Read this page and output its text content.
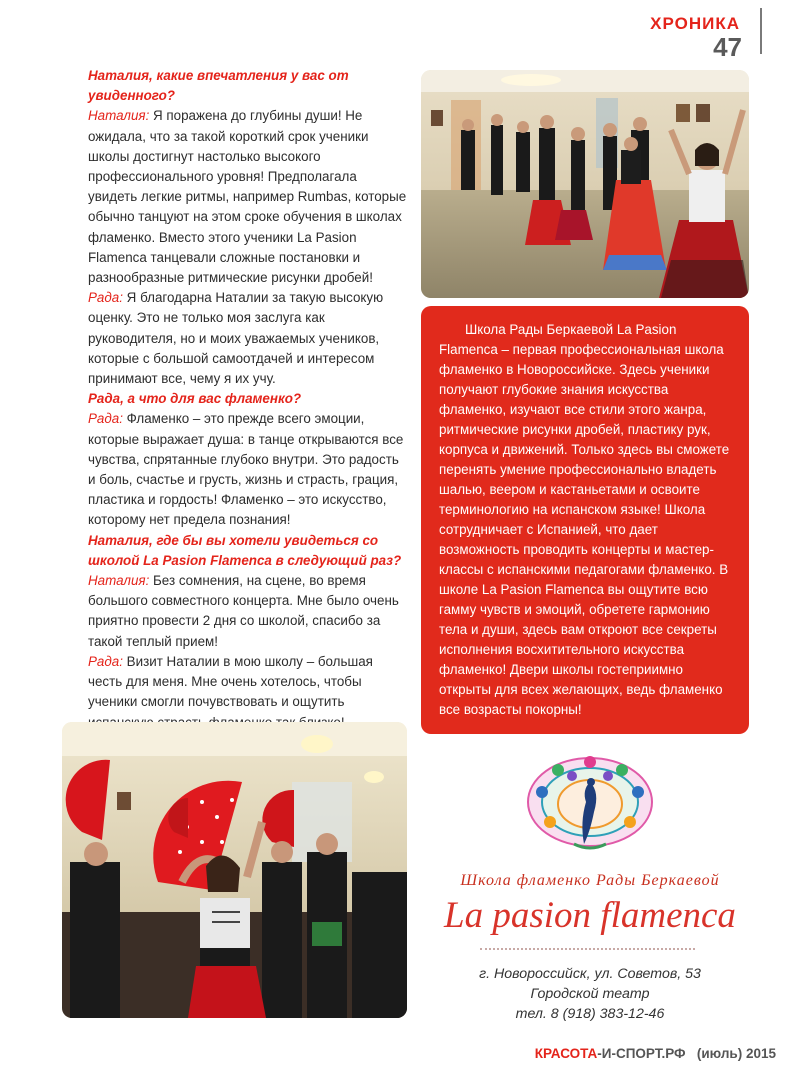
ХРОНИКА
47

Наталия, какие впечатления у вас от увиденного?

Наталия: Я поражена до глубины души! Не ожидала, что за такой короткий срок ученики школы достигнут настолько высокого профессионального уровня! Предполагала увидеть легкие ритмы, например Rumbas, которые обычно танцуют на этом сроке обучения в школах фламенко. Вместо этого ученики La Pasion Flamenca танцевали сложные постановки и разнообразные ритмические рисунки дробей!

Рада: Я благодарна Наталии за такую высокую оценку. Это не только моя заслуга как руководителя, но и моих уважаемых учеников, которые с большой самоотдачей и интересом принимают все, чему я их учу.

Рада, а что для вас фламенко?

Рада: Фламенко – это прежде всего эмоции, которые выражает душа: в танце открываются все чувства, спрятанные глубоко внутри. Это радость и боль, счастье и грусть, жизнь и страсть, грация, пластика и гордость! Фламенко – это искусство, которому нет предела познания!

Наталия, где бы вы хотели увидеться со школой La Pasion Flamenca в следующий раз?

Наталия: Без сомнения, на сцене, во время большого совместного концерта. Мне было очень приятно провести 2 дня со школой, спасибо за такой теплый прием!

Рада: Визит Наталии в мою школу – большая честь для меня. Мне очень хотелось, чтобы ученики смогли почувствовать и ощутить

Школа Рады Беркаевой La Pasion Flamenca – первая профессиональная школа фламенко в Новороссийске. Здесь ученики получают глубокие знания искусства фламенко, изучают все стили этого жанра, ритмические рисунки дробей, пластику рук, корпуса и движений. Только здесь вы сможете перенять умение профессионально владеть шалью, веером и кастаньетами и освоите терминологию на испанском языке! Школа сотрудничает с Испанией, что дает возможность проводить концерты и мастер-классы с испанскими педагогами фламенко. В школе La Pasion Flamenca вы ощутите всю гамму чувств и эмоций, обретете гармонию тела и души, здесь вам откроют все секреты исполнения восхитительного искусства фламенко! Двери школы гостеприимно открыты для всех желающих, ведь фламенко все возрасты покорны!

Школа фламенко Рады Беркаевой
La pasion flamenca
г. Новороссийск, ул. Советов, 53
Городской театр
тел. 8 (918) 383-12-46
КРАСОТА-И-СПОРТ.РФ (июль) 2015
